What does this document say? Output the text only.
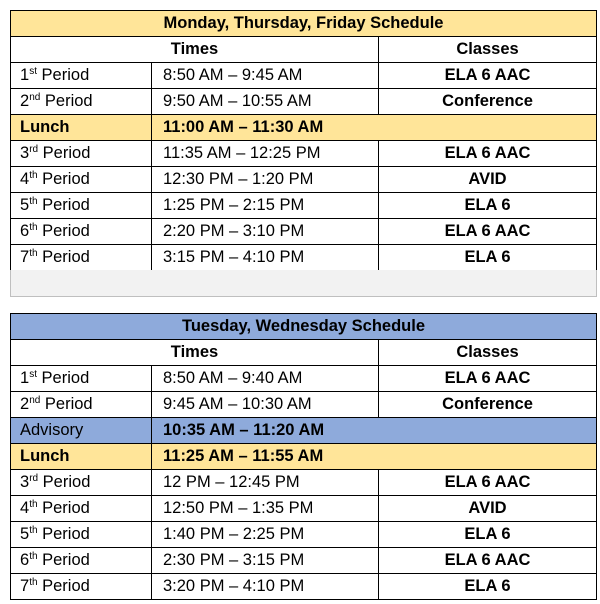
Monday, Thursday, Friday Schedule		
Times		Classes
1st Period	8:50 AM – 9:45 AM	ELA 6 AAC
2nd Period	9:50 AM – 10:55 AM	Conference
Lunch	11:00 AM – 11:30 AM	
3rd Period	11:35 AM – 12:25 PM	ELA 6 AAC
4th Period	12:30 PM – 1:20 PM	AVID
5th Period	1:25 PM – 2:15 PM	ELA 6
6th Period	2:20 PM – 3:10 PM	ELA 6 AAC
7th Period	3:15 PM – 4:10 PM	ELA 6
Tuesday, Wednesday Schedule		
Times		Classes
1st Period	8:50 AM – 9:40 AM	ELA 6 AAC
2nd Period	9:45 AM – 10:30 AM	Conference
Advisory	10:35 AM – 11:20 AM	
Lunch	11:25 AM – 11:55 AM	
3rd Period	12 PM – 12:45 PM	ELA 6 AAC
4th Period	12:50 PM – 1:35 PM	AVID
5th Period	1:40 PM – 2:25 PM	ELA 6
6th Period	2:30 PM – 3:15 PM	ELA 6 AAC
7th Period	3:20 PM – 4:10 PM	ELA 6
